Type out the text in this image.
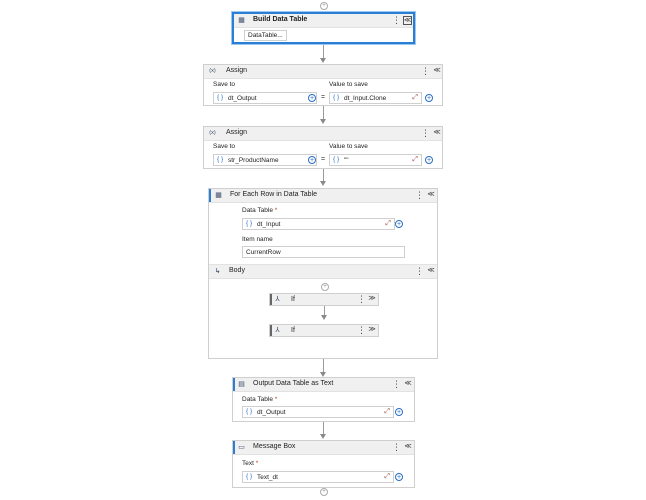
+
+
▦ Build Data Table	⋮ ≪
DataTable...
(x) Assign	⋮ ≪
Save to	Value to save
{ } dt_Output	+ = { } dt_Input.Clone	⤢ +
(x) Assign	⋮ ≪
Save to	Value to save
{ } str_ProductName	+ = { } ""	⤢ +
▦ For Each Row in Data Table	⋮ ≪
Data Table *
{ } dt_Input	⤢ +
Item name
CurrentRow
↳ Body	⋮ ≪
+
⅄	If	⋮ ≫
⅄	If	⋮ ≫
▤ Output Data Table as Text	⋮ ≪
Data Table *
{ } dt_Output	⤢ +
▭ Message Box	⋮ ≪
Text *
{ } Text_dt	⤢ +
